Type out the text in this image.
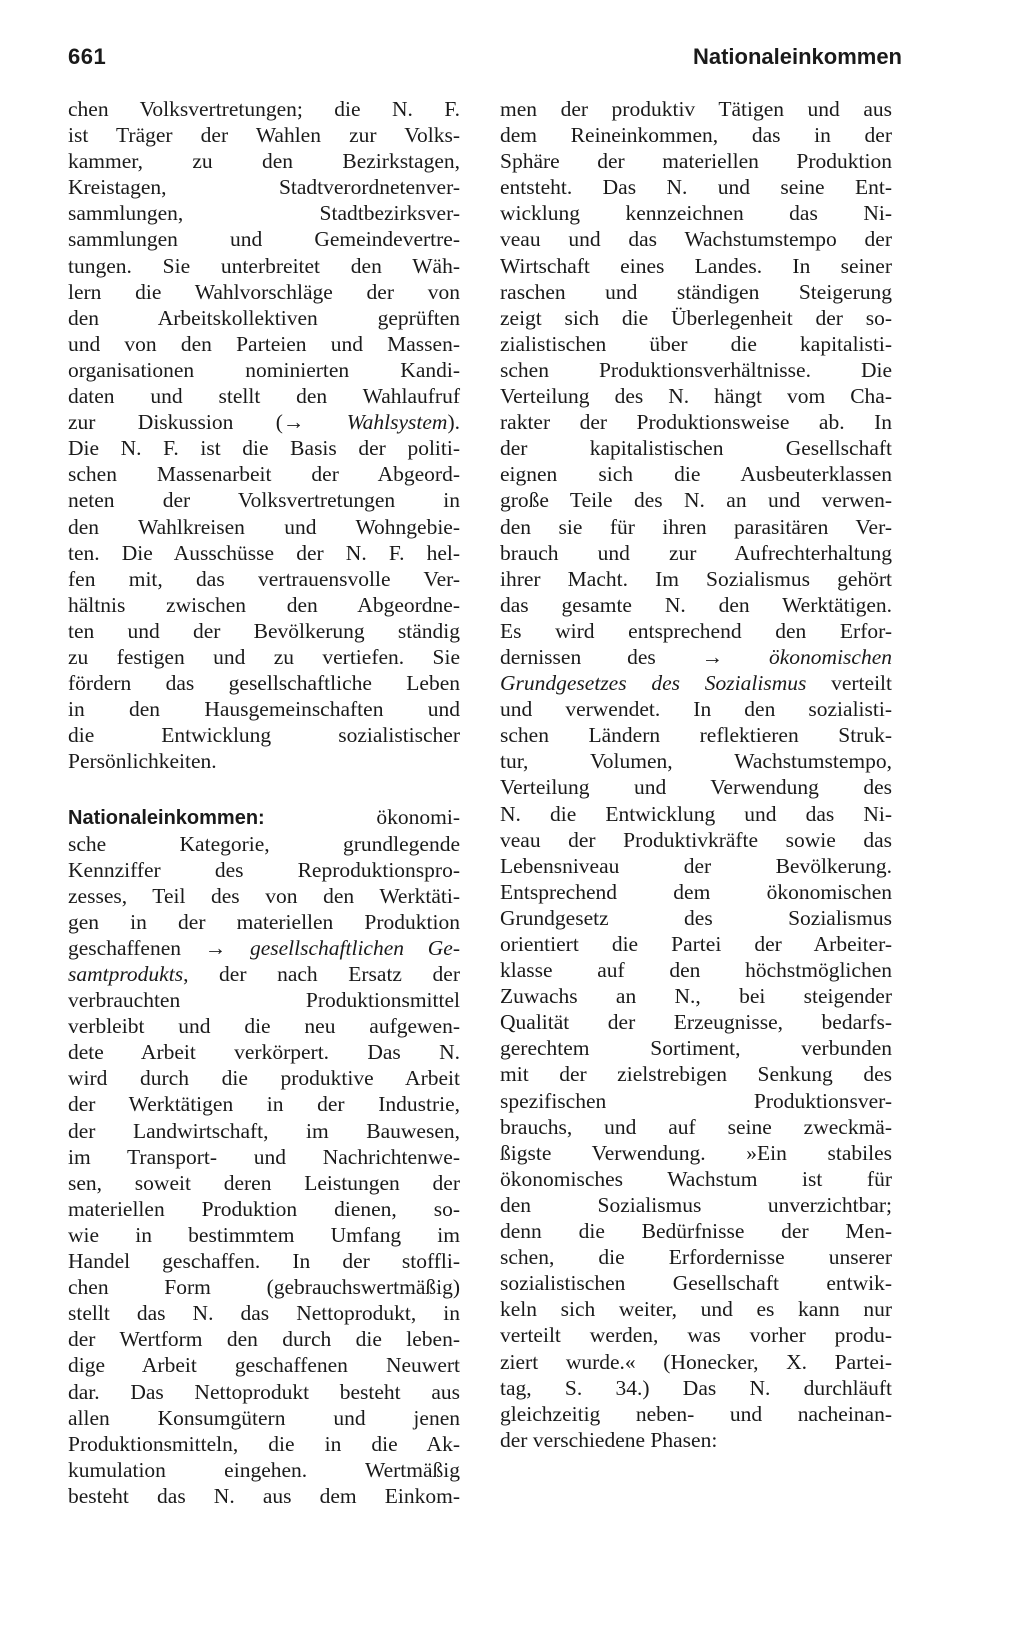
661	Nationaleinkommen
chen Volksvertretungen; die N. F.
ist Träger der Wahlen zur Volks-
kammer, zu den Bezirkstagen,
Kreistagen, Stadtverordnetenver-
sammlungen, Stadtbezirksver-
sammlungen und Gemeindevertre-
tungen. Sie unterbreitet den Wäh-
lern die Wahlvorschläge der von
den Arbeitskollektiven geprüften
und von den Parteien und Massen-
organisationen nominierten Kandi-
daten und stellt den Wahlaufruf
zur Diskussion (→ Wahlsystem).
Die N. F. ist die Basis der politi-
schen Massenarbeit der Abgeord-
neten der Volksvertretungen in
den Wahlkreisen und Wohngebie-
ten. Die Ausschüsse der N. F. hel-
fen mit, das vertrauensvolle Ver-
hältnis zwischen den Abgeordne-
ten und der Bevölkerung ständig
zu festigen und zu vertiefen. Sie
fördern das gesellschaftliche Leben
in den Hausgemeinschaften und
die Entwicklung sozialistischer
Persönlichkeiten.
Nationaleinkommen: ökonomi-
sche Kategorie, grundlegende
Kennziffer des Reproduktionspro-
zesses, Teil des von den Werktäti-
gen in der materiellen Produktion
geschaffenen → gesellschaftlichen Ge-
samtprodukts, der nach Ersatz der
verbrauchten Produktionsmittel
verbleibt und die neu aufgewen-
dete Arbeit verkörpert. Das N.
wird durch die produktive Arbeit
der Werktätigen in der Industrie,
der Landwirtschaft, im Bauwesen,
im Transport- und Nachrichtenwe-
sen, soweit deren Leistungen der
materiellen Produktion dienen, so-
wie in bestimmtem Umfang im
Handel geschaffen. In der stoffli-
chen Form (gebrauchswertmäßig)
stellt das N. das Nettoprodukt, in
der Wertform den durch die leben-
dige Arbeit geschaffenen Neuwert
dar. Das Nettoprodukt besteht aus
allen Konsumgütern und jenen
Produktionsmitteln, die in die Ak-
kumulation eingehen. Wertmäßig
besteht das N. aus dem Einkom-
men der produktiv Tätigen und aus
dem Reineinkommen, das in der
Sphäre der materiellen Produktion
entsteht. Das N. und seine Ent-
wicklung kennzeichnen das Ni-
veau und das Wachstumstempo der
Wirtschaft eines Landes. In seiner
raschen und ständigen Steigerung
zeigt sich die Überlegenheit der so-
zialistischen über die kapitalisti-
schen Produktionsverhältnisse. Die
Verteilung des N. hängt vom Cha-
rakter der Produktionsweise ab. In
der kapitalistischen Gesellschaft
eignen sich die Ausbeuterklassen
große Teile des N. an und verwen-
den sie für ihren parasitären Ver-
brauch und zur Aufrechterhaltung
ihrer Macht. Im Sozialismus gehört
das gesamte N. den Werktätigen.
Es wird entsprechend den Erfor-
dernissen des → ökonomischen
Grundgesetzes des Sozialismus verteilt
und verwendet. In den sozialisti-
schen Ländern reflektieren Struk-
tur, Volumen, Wachstumstempo,
Verteilung und Verwendung des
N. die Entwicklung und das Ni-
veau der Produktivkräfte sowie das
Lebensniveau der Bevölkerung.
Entsprechend dem ökonomischen
Grundgesetz des Sozialismus
orientiert die Partei der Arbeiter-
klasse auf den höchstmöglichen
Zuwachs an N., bei steigender
Qualität der Erzeugnisse, bedarfs-
gerechtem Sortiment, verbunden
mit der zielstrebigen Senkung des
spezifischen Produktionsver-
brauchs, und auf seine zweckmä-
ßigste Verwendung. »Ein stabiles
ökonomisches Wachstum ist für
den Sozialismus unverzichtbar;
denn die Bedürfnisse der Men-
schen, die Erfordernisse unserer
sozialistischen Gesellschaft entwik-
keln sich weiter, und es kann nur
verteilt werden, was vorher produ-
ziert wurde.« (Honecker, X. Partei-
tag, S. 34.) Das N. durchläuft
gleichzeitig neben- und nacheinan-
der verschiedene Phasen:
